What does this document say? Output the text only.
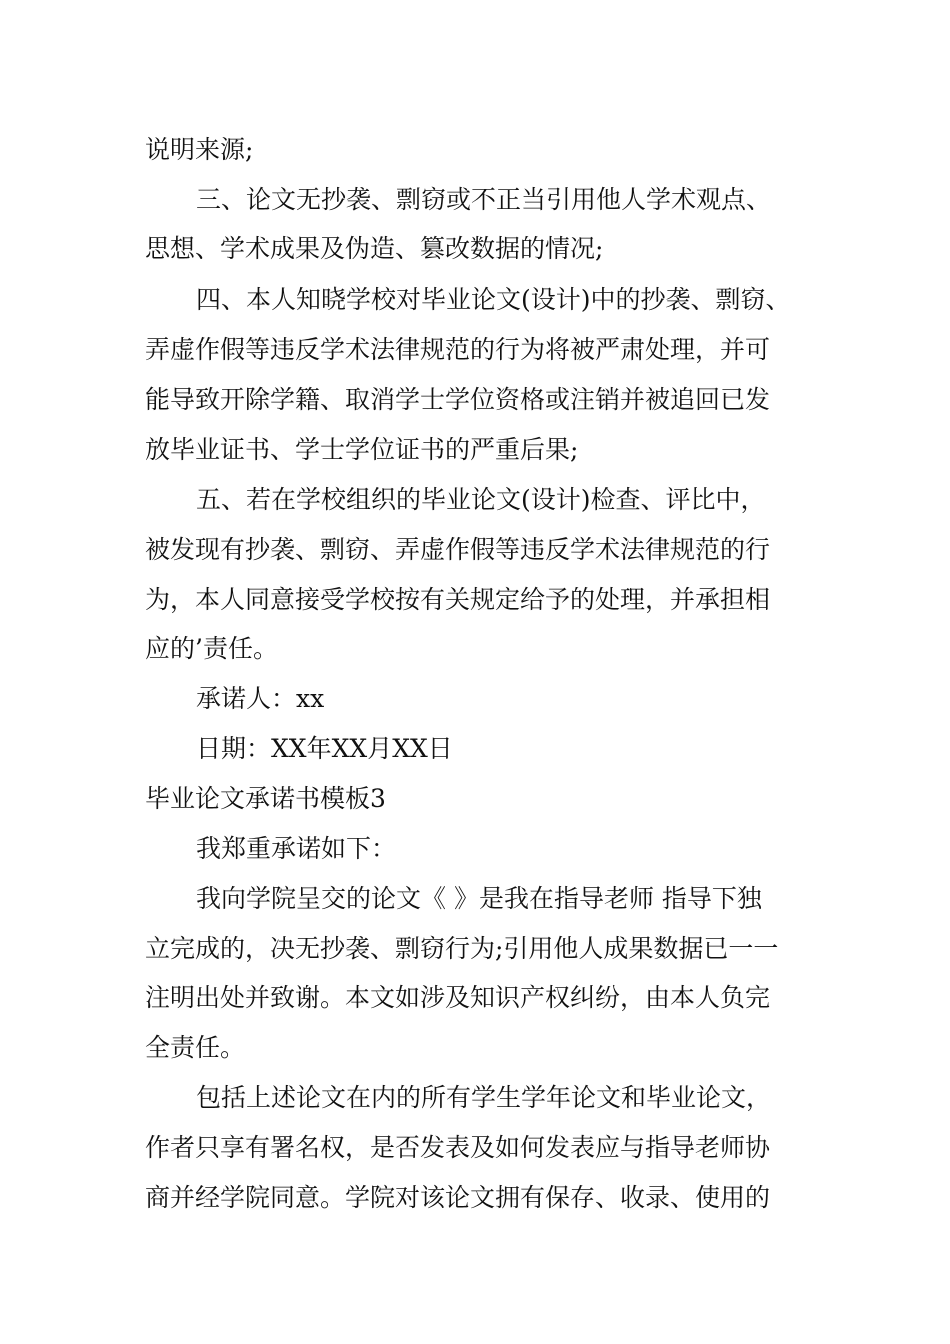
说明来源;

三、论文无抄袭、剽窃或不正当引用他人学术观点、

思想、学术成果及伪造、篡改数据的情况;

四、本人知晓学校对毕业论文(设计)中的抄袭、剽窃、

弄虚作假等违反学术法律规范的行为将被严肃处理，并可

能导致开除学籍、取消学士学位资格或注销并被追回已发

放毕业证书、学士学位证书的严重后果;

五、若在学校组织的毕业论文(设计)检查、评比中，

被发现有抄袭、剽窃、弄虚作假等违反学术法律规范的行

为，本人同意接受学校按有关规定给予的处理，并承担相

应的’责任。

承诺人：xx

日期：XX年XX月XX日

毕业论文承诺书模板3

我郑重承诺如下：

我向学院呈交的论文《 》是我在指导老师 指导下独

立完成的，决无抄袭、剽窃行为;引用他人成果数据已一一

注明出处并致谢。本文如涉及知识产权纠纷，由本人负完

全责任。

包括上述论文在内的所有学生学年论文和毕业论文，

作者只享有署名权，是否发表及如何发表应与指导老师协

商并经学院同意。学院对该论文拥有保存、收录、使用的
